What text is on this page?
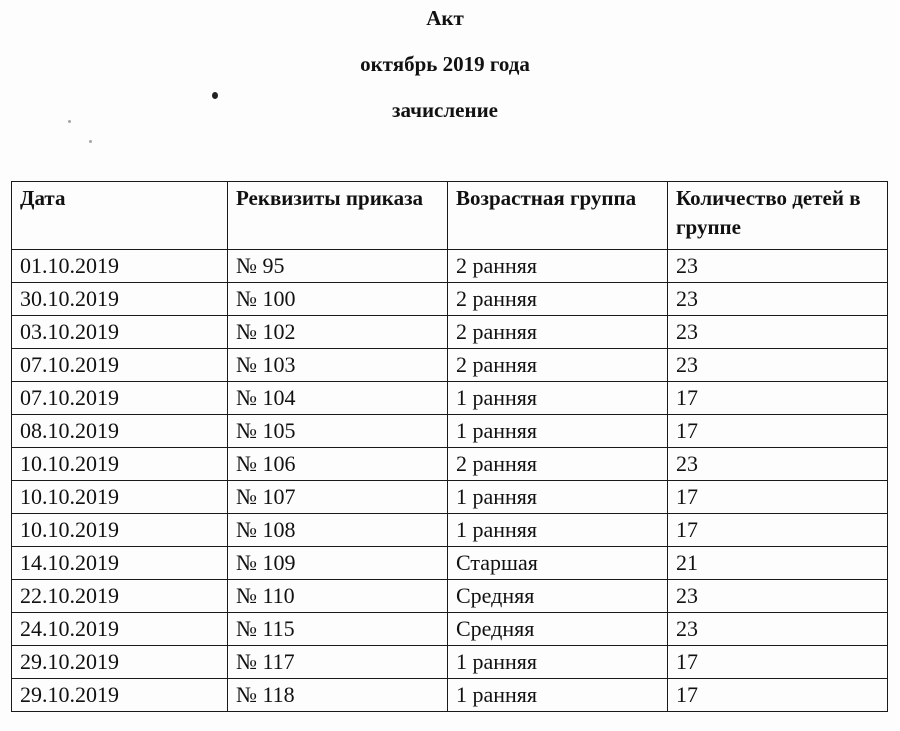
Акт
октябрь 2019 года
зачисление
Дата	Реквизиты приказа	Возрастная группа	Количество детей в группе
01.10.2019	№ 95	2 ранняя	23
30.10.2019	№ 100	2 ранняя	23
03.10.2019	№ 102	2 ранняя	23
07.10.2019	№ 103	2 ранняя	23
07.10.2019	№ 104	1 ранняя	17
08.10.2019	№ 105	1 ранняя	17
10.10.2019	№ 106	2 ранняя	23
10.10.2019	№ 107	1 ранняя	17
10.10.2019	№ 108	1 ранняя	17
14.10.2019	№ 109	Старшая	21
22.10.2019	№ 110	Средняя	23
24.10.2019	№ 115	Средняя	23
29.10.2019	№ 117	1 ранняя	17
29.10.2019	№ 118	1 ранняя	17
